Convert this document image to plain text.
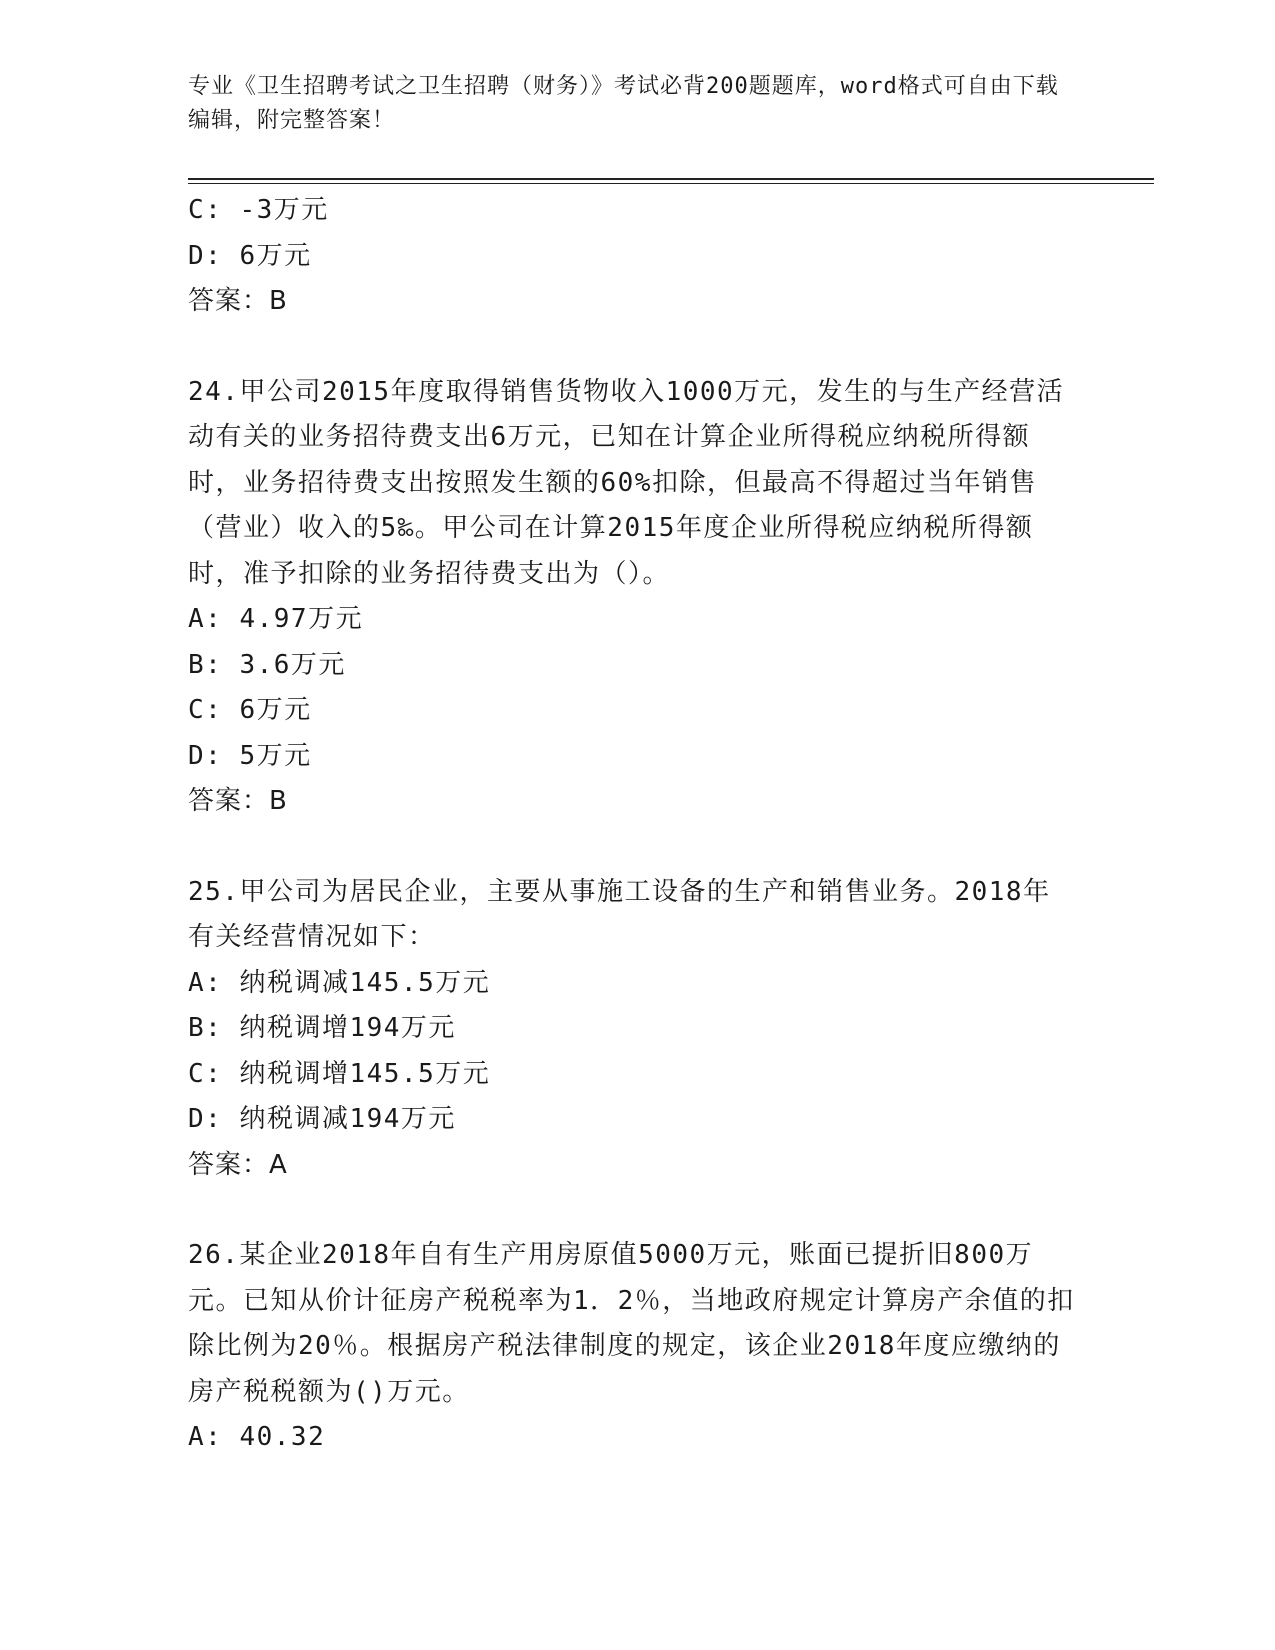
专业《卫生招聘考试之卫生招聘（财务）》考试必背200题题库，word格式可自由下载编辑，附完整答案！
C: -3万元
D: 6万元
答案：B
24.甲公司2015年度取得销售货物收入1000万元，发生的与生产经营活动有关的业务招待费支出6万元，已知在计算企业所得税应纳税所得额时，业务招待费支出按照发生额的60%扣除，但最高不得超过当年销售（营业）收入的5‰。甲公司在计算2015年度企业所得税应纳税所得额时，准予扣除的业务招待费支出为（）。
A: 4.97万元
B: 3.6万元
C: 6万元
D: 5万元
答案：B
25.甲公司为居民企业，主要从事施工设备的生产和销售业务。2018年有关经营情况如下：
A: 纳税调减145.5万元
B: 纳税调增194万元
C: 纳税调增145.5万元
D: 纳税调减194万元
答案：A
26.某企业2018年自有生产用房原值5000万元，账面已提折旧800万元。已知从价计征房产税税率为1．2％，当地政府规定计算房产余值的扣除比例为20％。根据房产税法律制度的规定，该企业2018年度应缴纳的房产税税额为()万元。
A: 40.32
